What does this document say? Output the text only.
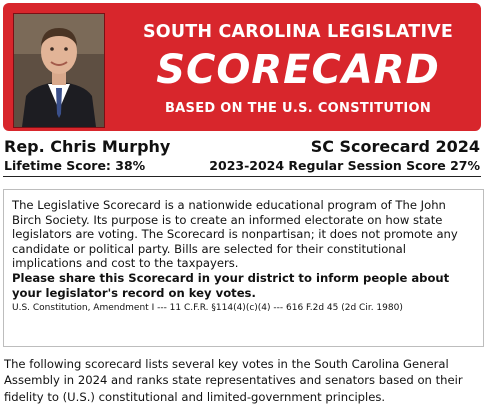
SOUTH CAROLINA LEGISLATIVE
SCORECARD
BASED ON THE U.S. CONSTITUTION
Rep. Chris Murphy	SC Scorecard 2024
Lifetime Score: 38%	2023-2024 Regular Session Score 27%

The Legislative Scorecard is a nationwide educational program of The John Birch Society. Its purpose is to create an informed electorate on how state legislators are voting. The Scorecard is nonpartisan; it does not promote any candidate or political party. Bills are selected for their constitutional implications and cost to the taxpayers.

Please share this Scorecard in your district to inform people about your legislator's record on key votes.

U.S. Constitution, Amendment I --- 11 C.F.R. §114(4)(c)(4) --- 616 F.2d 45 (2d Cir. 1980)

The following scorecard lists several key votes in the South Carolina General Assembly in 2024 and ranks state representatives and senators based on their fidelity to (U.S.) constitutional and limited-government principles.
